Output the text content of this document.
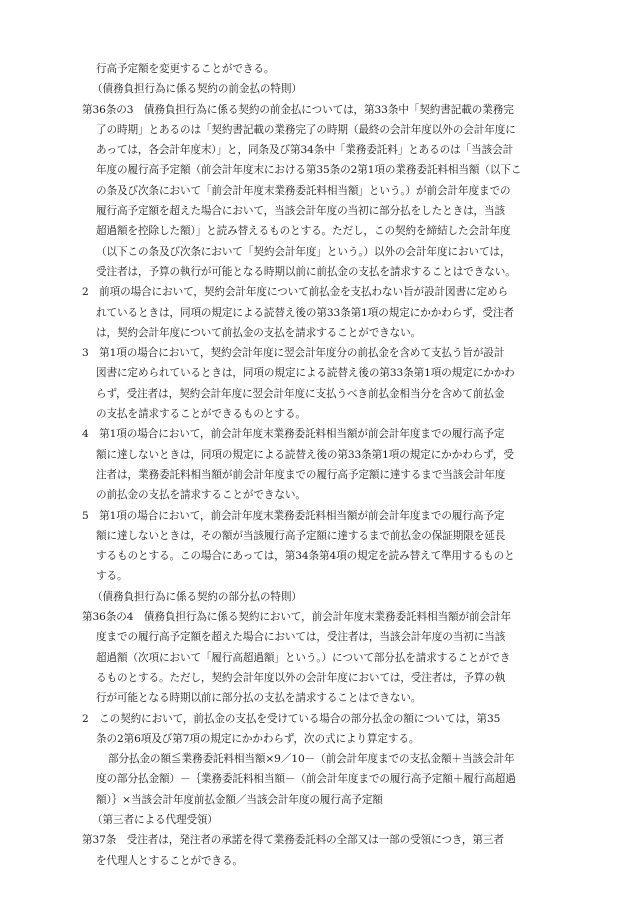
行高予定額を変更することができる。
（債務負担行為に係る契約の前金払の特則）
第36条の3　債務負担行為に係る契約の前金払については，第33条中「契約書記載の業務完
了の時期」とあるのは「契約書記載の業務完了の時期（最終の会計年度以外の会計年度に
あっては，各会計年度末）」と，同条及び第34条中「業務委託料」とあるのは「当該会計
年度の履行高予定額（前会計年度末における第35条の2第1項の業務委託料相当額（以下こ
の条及び次条において「前会計年度末業務委託料相当額」という。）が前会計年度までの
履行高予定額を超えた場合において，当該会計年度の当初に部分払をしたときは，当該
超過額を控除した額）」と読み替えるものとする。ただし，この契約を締結した会計年度
（以下この条及び次条において「契約会計年度」という。）以外の会計年度においては，
受注者は，予算の執行が可能となる時期以前に前払金の支払を請求することはできない。
2　前項の場合において，契約会計年度について前払金を支払わない旨が設計図書に定めら
れているときは，同項の規定による読替え後の第33条第1項の規定にかかわらず，受注者
は，契約会計年度について前払金の支払を請求することができない。
3　第1項の場合において，契約会計年度に翌会計年度分の前払金を含めて支払う旨が設計
図書に定められているときは，同項の規定による読替え後の第33条第1項の規定にかかわ
らず，受注者は，契約会計年度に翌会計年度に支払うべき前払金相当分を含めて前払金
の支払を請求することができるものとする。
4　第1項の場合において，前会計年度末業務委託料相当額が前会計年度までの履行高予定
額に達しないときは，同項の規定による読替え後の第33条第1項の規定にかかわらず，受
注者は，業務委託料相当額が前会計年度までの履行高予定額に達するまで当該会計年度
の前払金の支払を請求することができない。
5　第1項の場合において，前会計年度末業務委託料相当額が前会計年度までの履行高予定
額に達しないときは，その額が当該履行高予定額に達するまで前払金の保証期限を延長
するものとする。この場合にあっては，第34条第4項の規定を読み替えて準用するものと
する。
（債務負担行為に係る契約の部分払の特則）
第36条の4　債務負担行為に係る契約において，前会計年度末業務委託料相当額が前会計年
度までの履行高予定額を超えた場合においては，受注者は，当該会計年度の当初に当該
超過額（次項において「履行高超過額」という。）について部分払を請求することができ
るものとする。ただし，契約会計年度以外の会計年度においては，受注者は，予算の執
行が可能となる時期以前に部分払の支払を請求することはできない。
2　この契約において，前払金の支払を受けている場合の部分払金の額については，第35
条の2第6項及び第7項の規定にかかわらず，次の式により算定する。
部分払金の額≦業務委託料相当額×9／10－（前会計年度までの支払金額＋当該会計年
度の部分払金額）－｛業務委託料相当額－（前会計年度までの履行高予定額＋履行高超過
額）｝×当該会計年度前払金額／当該会計年度の履行高予定額
（第三者による代理受領）
第37条　受注者は，発注者の承諾を得て業務委託料の全部又は一部の受領につき，第三者
を代理人とすることができる。
